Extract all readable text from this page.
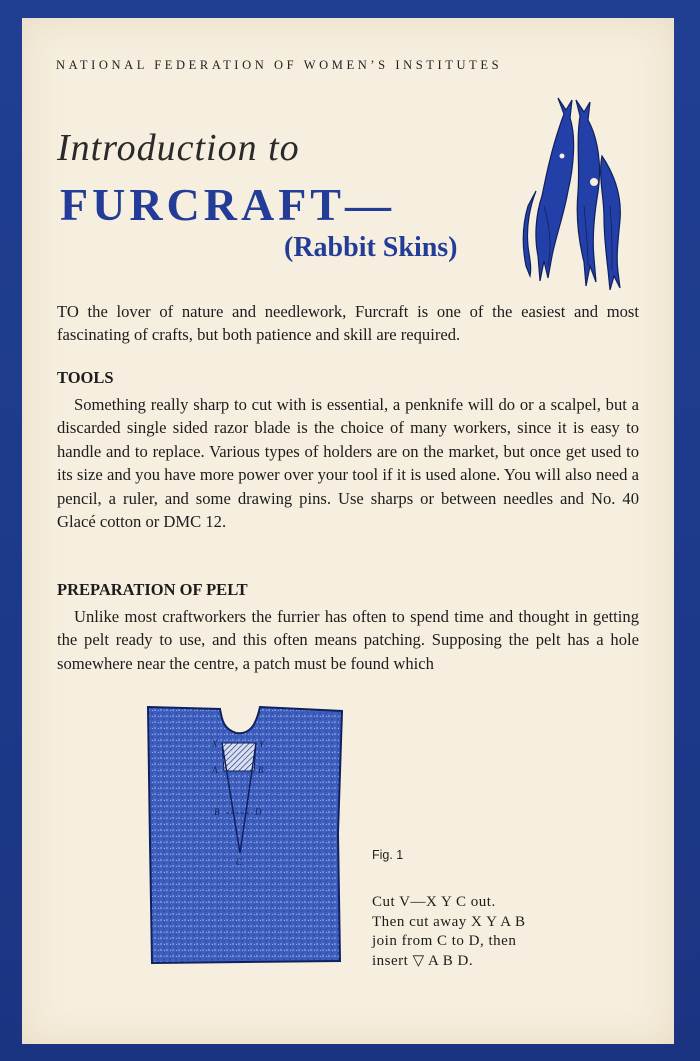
NATIONAL FEDERATION OF WOMEN’S INSTITUTES
Introduction to
FURCRAFT—
(Rabbit Skins)
TO the lover of nature and needlework, Furcraft is one of the easiest and most fascinating of crafts, but both patience and skill are required.
TOOLS
Something really sharp to cut with is essential, a penknife will do or a scalpel, but a discarded single sided razor blade is the choice of many workers, since it is easy to handle and to replace. Various types of holders are on the market, but once get used to its size and you have more power over your tool if it is used alone. You will also need a pencil, a ruler, and some drawing pins. Use sharps or between needles and No. 40 Glacé cotton or DMC 12.
PREPARATION OF PELT
Unlike most craftworkers the furrier has often to spend time and thought in getting the pelt ready to use, and this often means patching. Supposing the pelt has a hole somewhere near the centre, a patch must be found which
X	Y
A	B
B	D
C	Fig. 1
Cut V—X Y C out.
Then cut away X Y A B
join from C to D, then
insert ▽ A B D.
